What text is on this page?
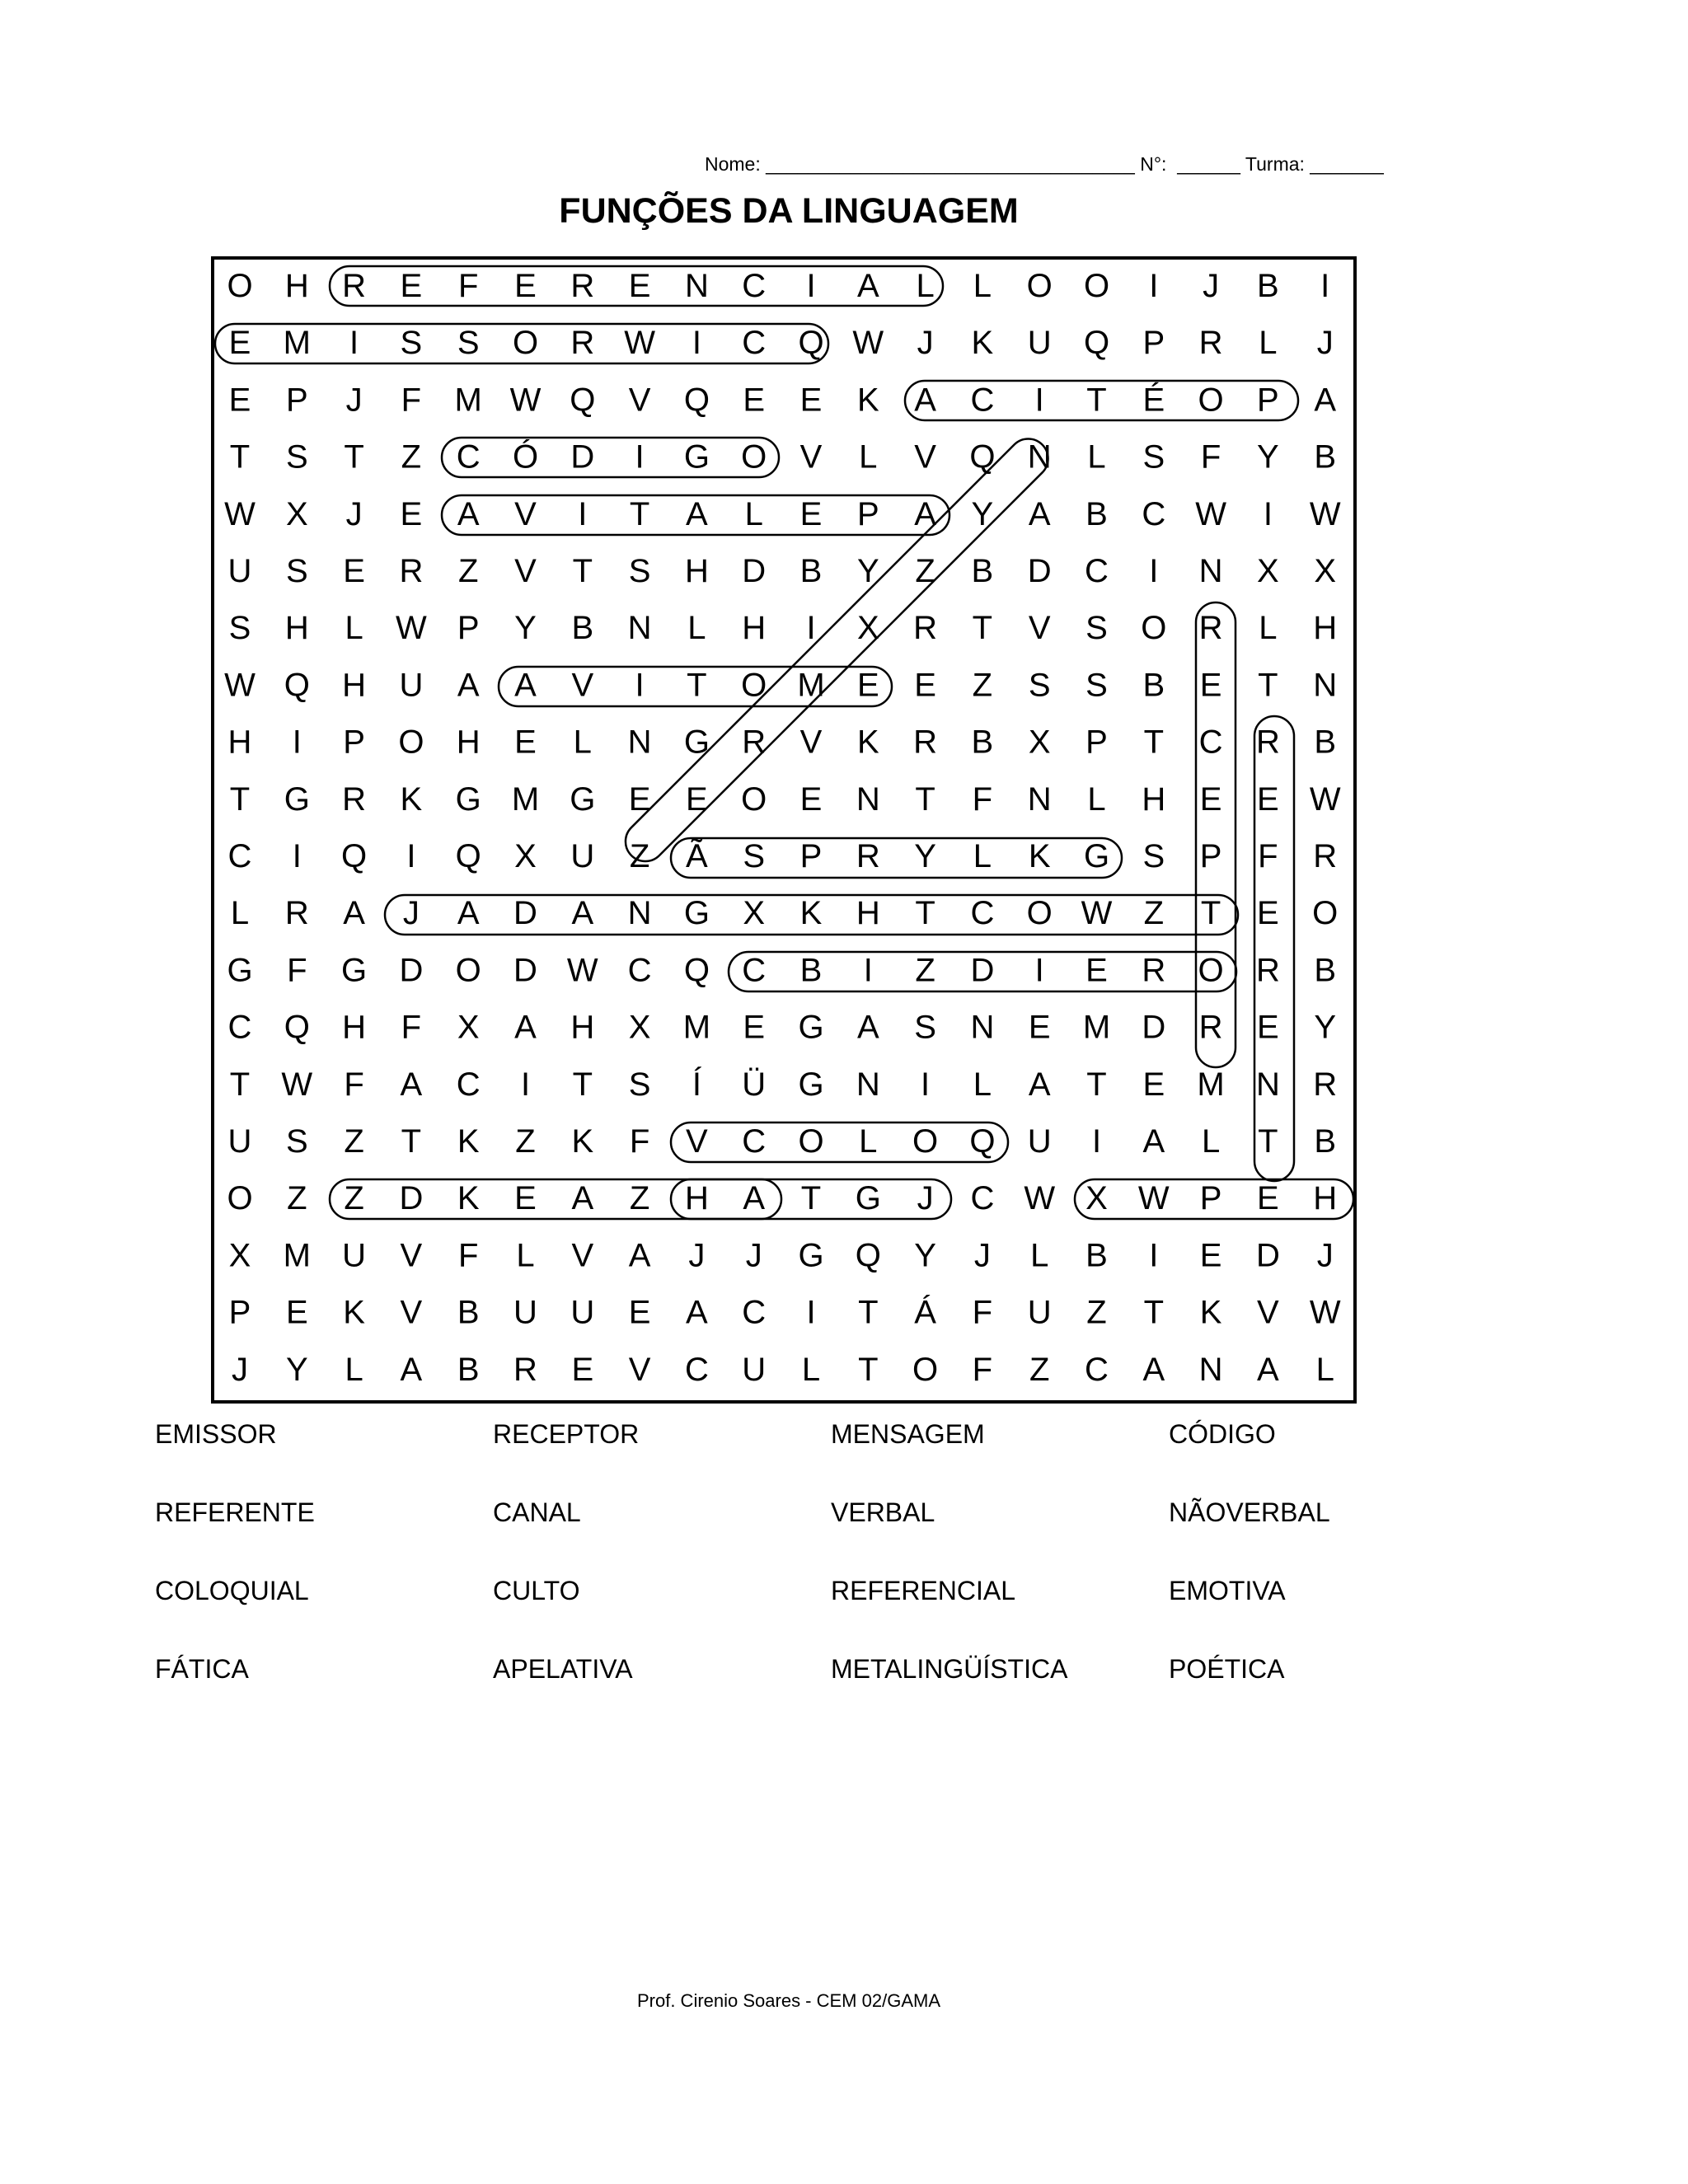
Nome: ___________________________________ N°:  ______ Turma: _______
FUNÇÕES DA LINGUAGEM
O H R E F E R E N C I A L L O O I J B I
E M I S S O R W I C Q W J K U Q P R L J
E P J F M W Q V Q E E K A C I T É O P A
T S T Z C Ó D I G O V L V Q N L S F Y B
W X J E A V I T A L E P A Y A B C W I W
U S E R Z V T S H D B Y Z B D C I N X X
S H L W P Y B N L H I X R T V S O R L H
W Q H U A A V I T O M E E Z S S B E T N
H I P O H E L N G R V K R B X P T C R B
T G R K G M G E E O E N T F N L H E E W
C I Q I Q X U Z Ã S P R Y L K G S P F R
L R A J A D A N G X K H T C O W Z T E O
G F G D O D W C Q C B I Z D I E R O R B
C Q H F X A H X M E G A S N E M D R E Y
T W F A C I T S Í Ü G N I L A T E M N R
U S Z T K Z K F V C O L O Q U I A L T B
O Z Z D K E A Z H A T G J C W X W P E H
X M U V F L V A J J G Q Y J L B I E D J
P E K V B U U E A C I T Á F U Z T K V W
J Y L A B R E V C U L T O F Z C A N A L
EMISSOR	RECEPTOR	MENSAGEM	CÓDIGO
REFERENTE	CANAL	VERBAL	NÃOVERBAL
COLOQUIAL	CULTO	REFERENCIAL	EMOTIVA
FÁTICA	APELATIVA	METALINGÜÍSTICA	POÉTICA
Prof. Cirenio Soares - CEM 02/GAMA
